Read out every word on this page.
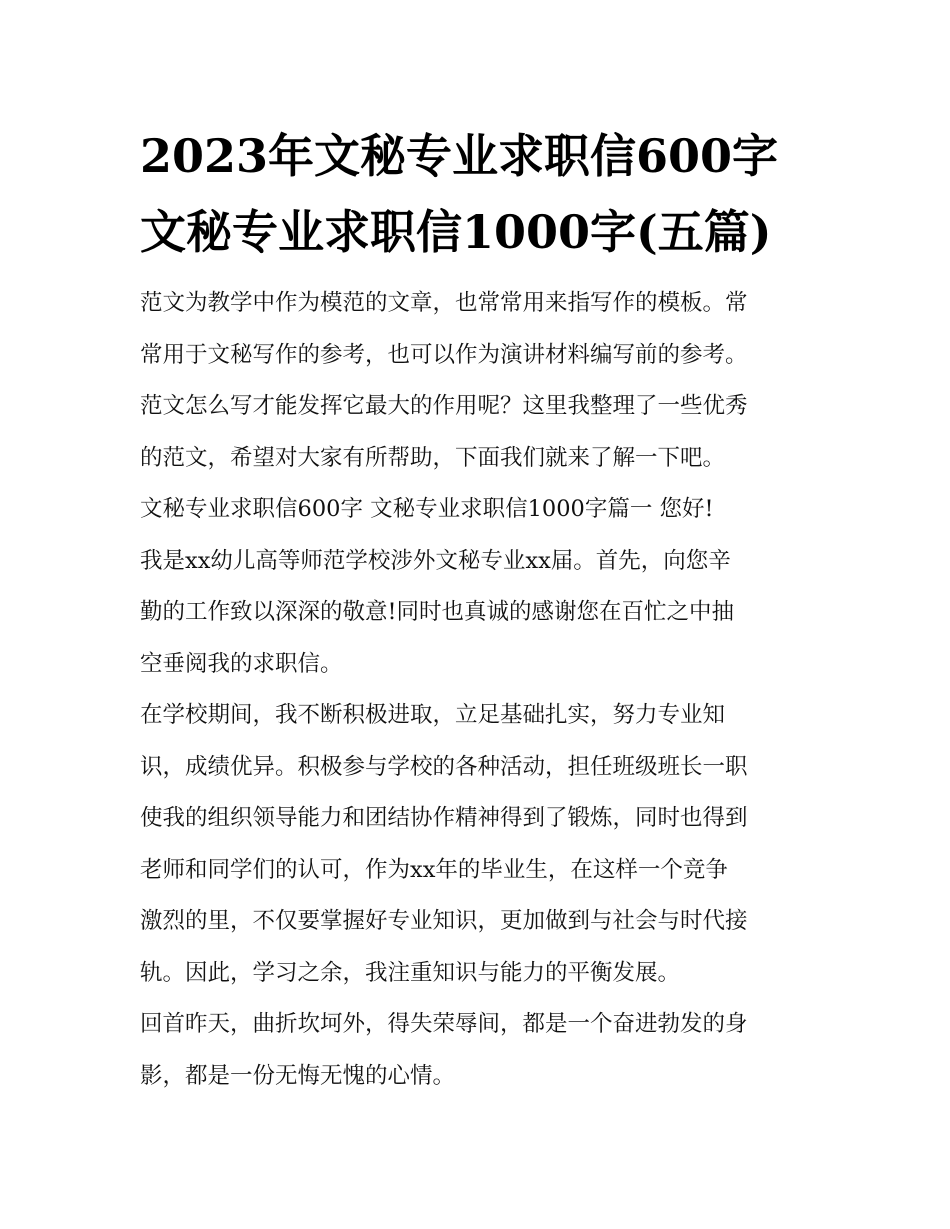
2023年文秘专业求职信600字
文秘专业求职信1000字(五篇)

范文为教学中作为模范的文章，也常常用来指写作的模板。常
常用于文秘写作的参考，也可以作为演讲材料编写前的参考。
范文怎么写才能发挥它最大的作用呢？这里我整理了一些优秀
的范文，希望对大家有所帮助，下面我们就来了解一下吧。

文秘专业求职信600字 文秘专业求职信1000字篇一 您好!

我是xx幼儿高等师范学校涉外文秘专业xx届。首先，向您辛
勤的工作致以深深的敬意!同时也真诚的感谢您在百忙之中抽
空垂阅我的求职信。

在学校期间，我不断积极进取，立足基础扎实，努力专业知
识，成绩优异。积极参与学校的各种活动，担任班级班长一职
使我的组织领导能力和团结协作精神得到了锻炼，同时也得到
老师和同学们的认可，作为xx年的毕业生，在这样一个竞争
激烈的里，不仅要掌握好专业知识，更加做到与社会与时代接
轨。因此，学习之余，我注重知识与能力的平衡发展。

回首昨天，曲折坎坷外，得失荣辱间，都是一个奋进勃发的身
影，都是一份无悔无愧的心情。
